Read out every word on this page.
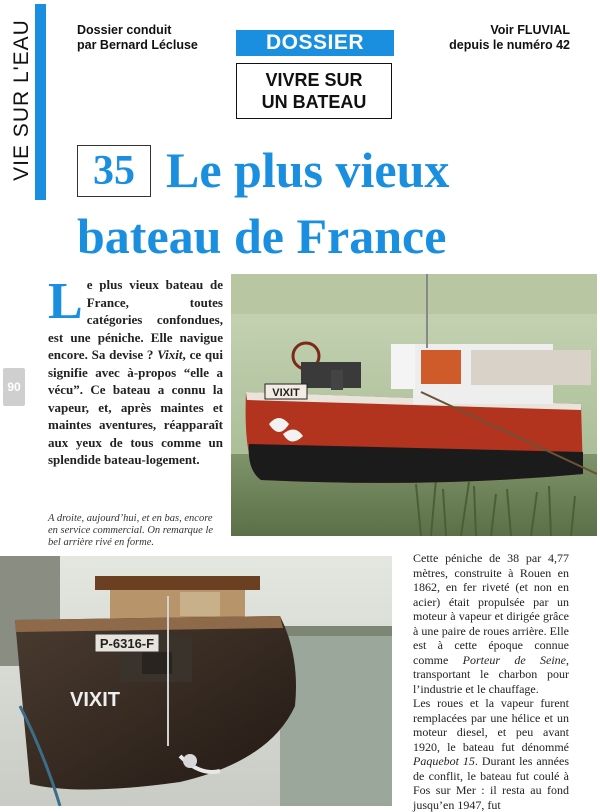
VIE SUR L'EAU	Dossier conduit
par Bernard Lécluse	DOSSIER
VIVRE SUR
UN BATEAU
Voir FLUVIAL
depuis le numéro 42
35 Le plus vieux
bateau de France
Le plus vieux bateau de France, toutes catégories confondues, est une péniche. Elle navigue encore. Sa devise ? Vixit, ce qui signifie avec à-propos “elle a vécu”. Ce bateau a connu la vapeur, et, après maintes et maintes aventures, réapparaît aux yeux de tous comme un splendide bateau-logement.
90
A droite, aujourd’hui, et en bas, encore en service commercial. On remarque le bel arrière rivé en forme.
VIXIT
P-6316-F
VIXIT

Cette péniche de 38 par 4,77 mètres, construite à Rouen en 1862, en fer riveté (et non en acier) était propulsée par un moteur à vapeur et dirigée grâce à une paire de roues arrière. Elle est à cette époque connue comme Porteur de Seine, transportant le charbon pour l’industrie et le chauffage.

Les roues et la vapeur furent remplacées par une hélice et un moteur diesel, et peu avant 1920, le bateau fut dénommé Paquebot 15. Durant les années de conflit, le bateau fut coulé à Fos sur Mer : il resta au fond jusqu’en 1947, fut
